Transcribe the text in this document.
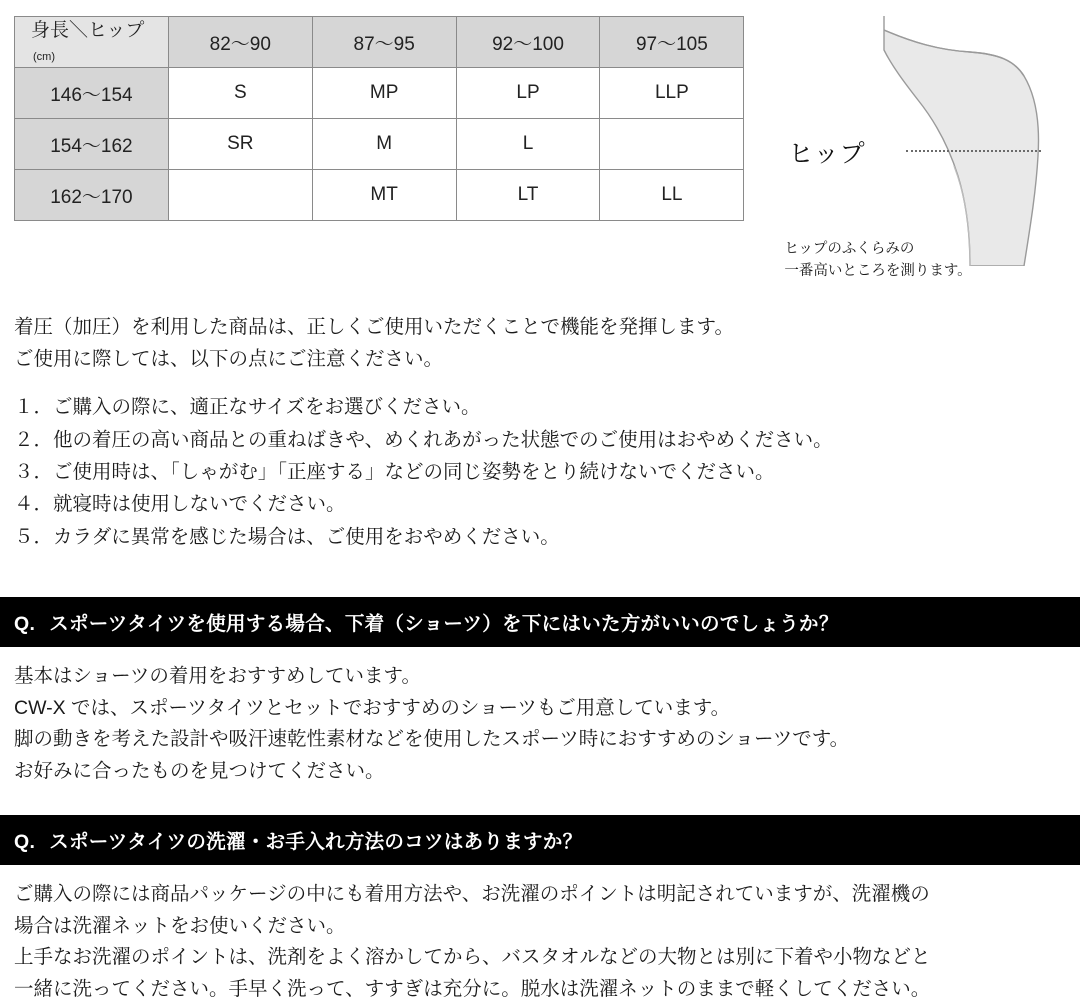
身長＼ヒップ(cm)	82〜90	87〜95	92〜100	97〜105
146〜154	S	MP	LP	LLP
154〜162	SR	M	L	
162〜170		MT	LT	LL
ヒップ
ヒップのふくらみの
一番高いところを測ります。

着圧（加圧）を利用した商品は、正しくご使用いただくことで機能を発揮します。

ご使用に際しては、以下の点にご注意ください。

１．ご購入の際に、適正なサイズをお選びください。
２．他の着圧の高い商品との重ねばきや、めくれあがった状態でのご使用はおやめください。
３．ご使用時は、「しゃがむ」「正座する」などの同じ姿勢をとり続けないでください。
４．就寝時は使用しないでください。
５．カラダに異常を感じた場合は、ご使用をおやめください。
Q. スポーツタイツを使用する場合、下着（ショーツ）を下にはいた方がいいのでしょうか？
基本はショーツの着用をおすすめしています。
CW-X では、スポーツタイツとセットでおすすめのショーツもご用意しています。
脚の動きを考えた設計や吸汗速乾性素材などを使用したスポーツ時におすすめのショーツです。
お好みに合ったものを見つけてください。
Q. スポーツタイツの洗濯・お手入れ方法のコツはありますか？
ご購入の際には商品パッケージの中にも着用方法や、お洗濯のポイントは明記されていますが、洗濯機の
場合は洗濯ネットをお使いください。
上手なお洗濯のポイントは、洗剤をよく溶かしてから、バスタオルなどの大物とは別に下着や小物などと
一緒に洗ってください。手早く洗って、すすぎは充分に。脱水は洗濯ネットのままで軽くしてください。
